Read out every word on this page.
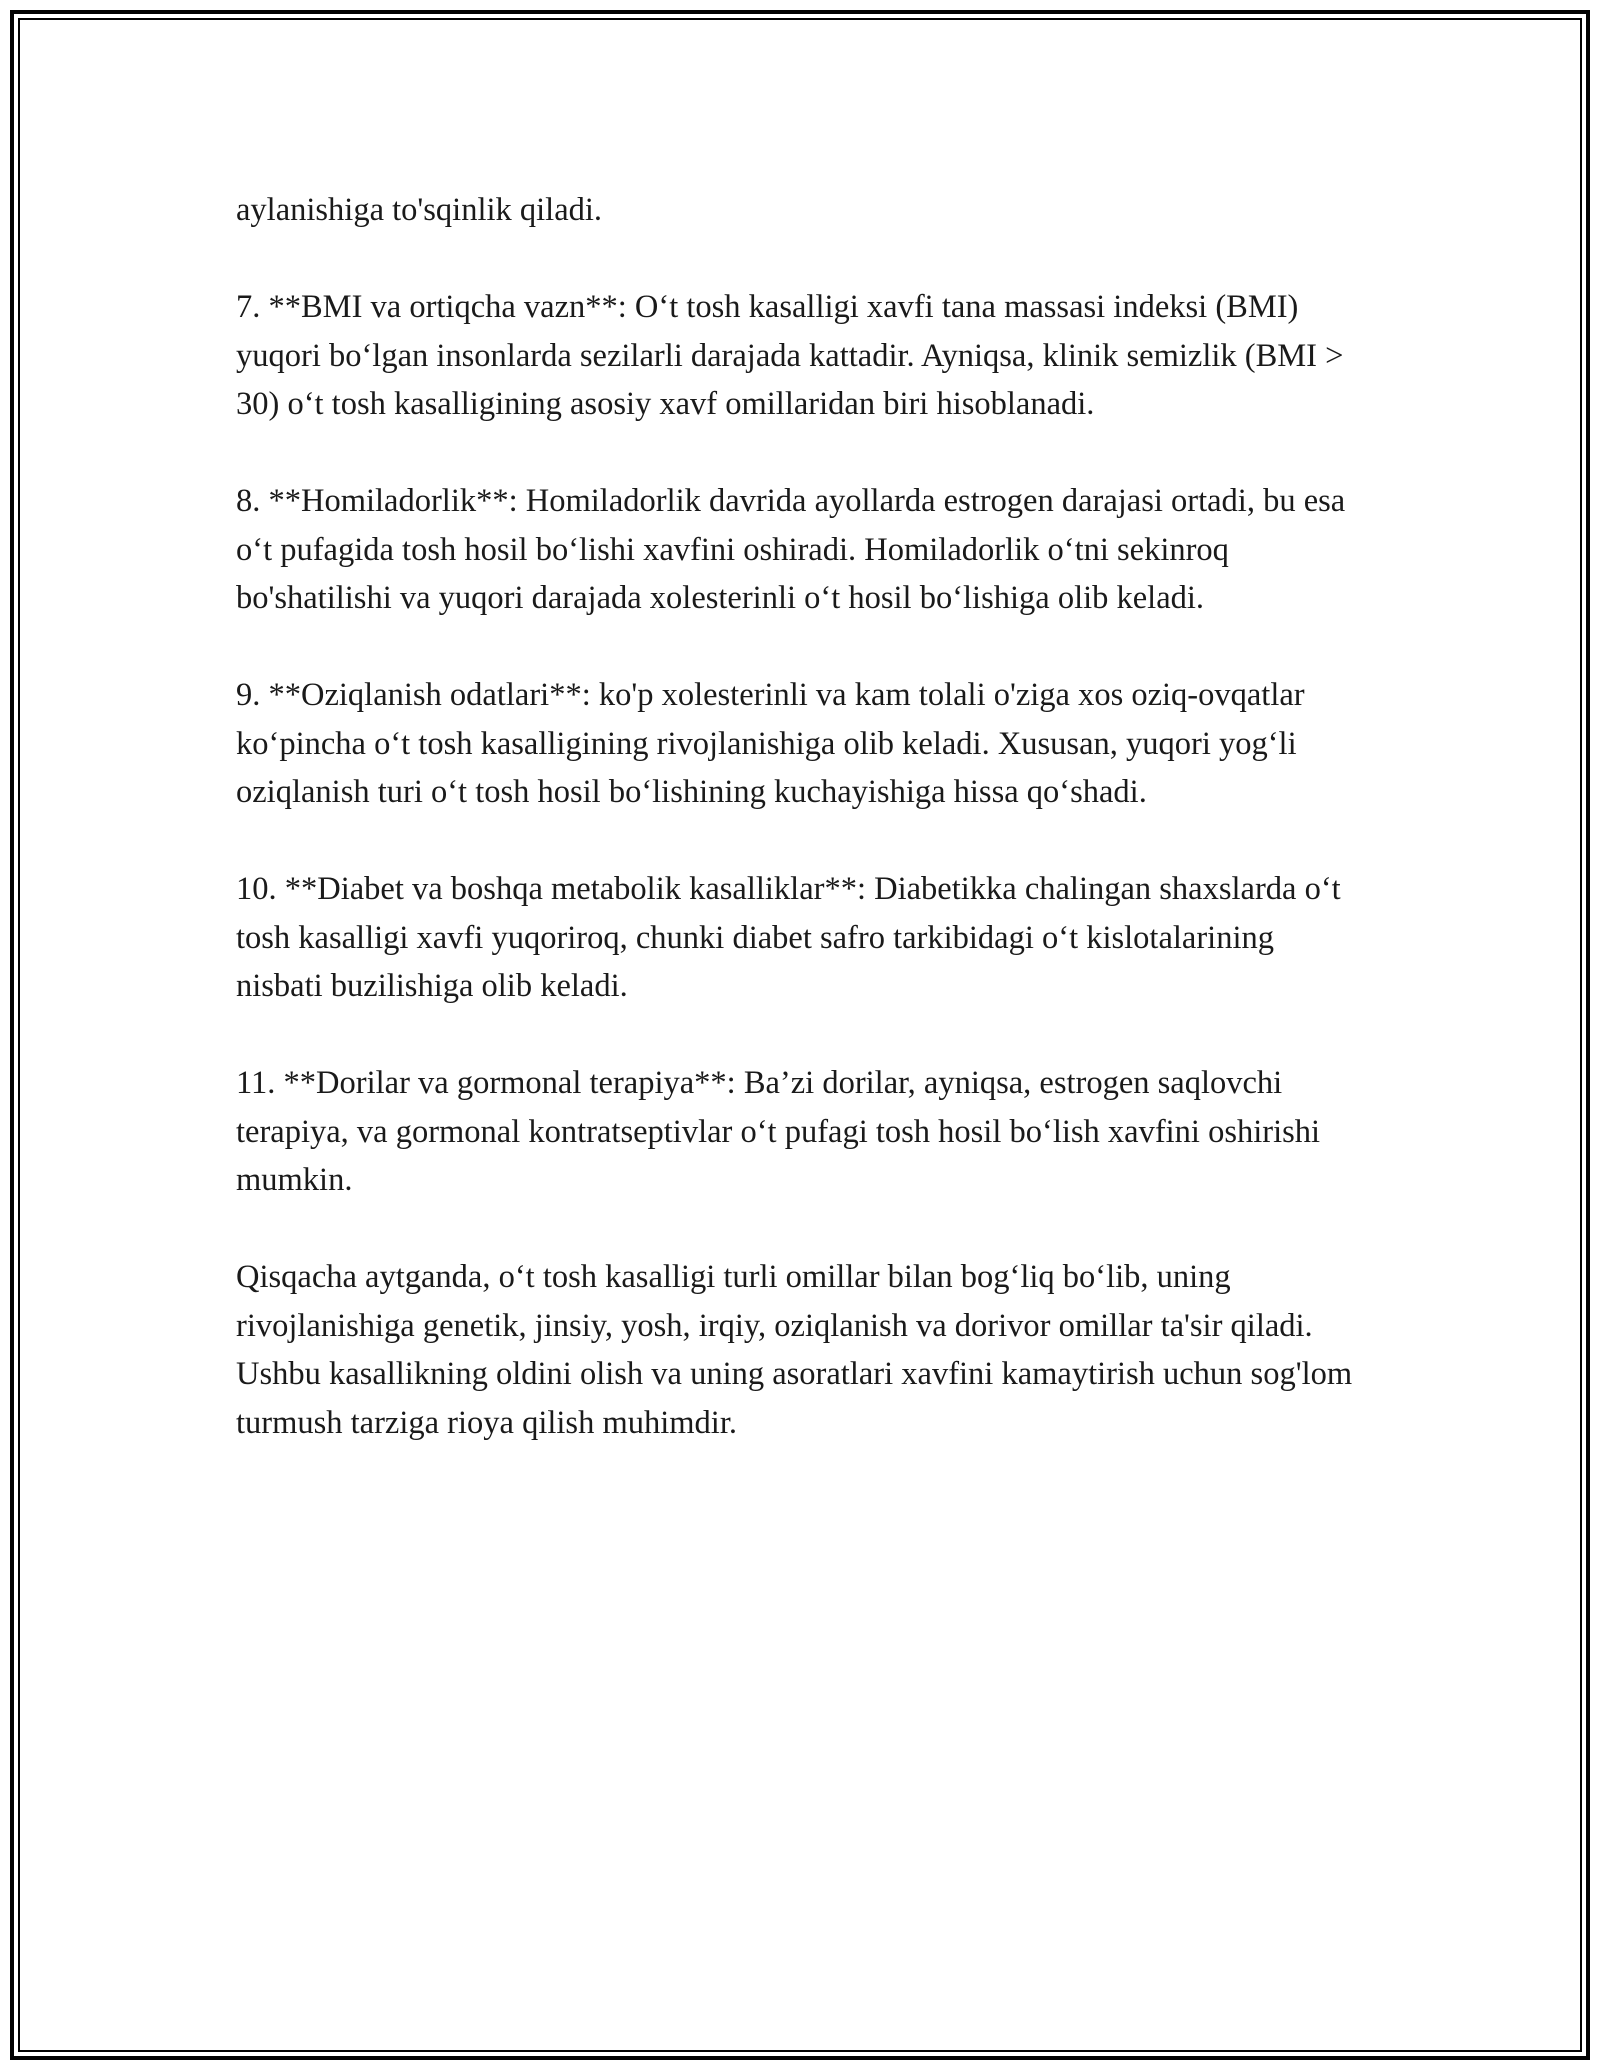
aylanishiga to'sqinlik qiladi.

7. **BMI va ortiqcha vazn**: O‘t tosh kasalligi xavfi tana massasi indeksi (BMI) yuqori bo‘lgan insonlarda sezilarli darajada kattadir. Ayniqsa, klinik semizlik (BMI > 30) o‘t tosh kasalligining asosiy xavf omillaridan biri hisoblanadi.

8. **Homiladorlik**: Homiladorlik davrida ayollarda estrogen darajasi ortadi, bu esa o‘t pufagida tosh hosil bo‘lishi xavfini oshiradi. Homiladorlik o‘tni sekinroq bo'shatilishi va yuqori darajada xolesterinli o‘t hosil bo‘lishiga olib keladi.

9. **Oziqlanish odatlari**: ko'p xolesterinli va kam tolali o'ziga xos oziq-ovqatlar ko‘pincha o‘t tosh kasalligining rivojlanishiga olib keladi. Xususan, yuqori yog‘li oziqlanish turi o‘t tosh hosil bo‘lishining kuchayishiga hissa qo‘shadi.

10. **Diabet va boshqa metabolik kasalliklar**: Diabetikka chalingan shaxslarda o‘t tosh kasalligi xavfi yuqoriroq, chunki diabet safro tarkibidagi o‘t kislotalarining nisbati buzilishiga olib keladi.

11. **Dorilar va gormonal terapiya**: Ba’zi dorilar, ayniqsa, estrogen saqlovchi terapiya, va gormonal kontratseptivlar o‘t pufagi tosh hosil bo‘lish xavfini oshirishi mumkin.

Qisqacha aytganda, o‘t tosh kasalligi turli omillar bilan bog‘liq bo‘lib, uning rivojlanishiga genetik, jinsiy, yosh, irqiy, oziqlanish va dorivor omillar ta'sir qiladi. Ushbu kasallikning oldini olish va uning asoratlari xavfini kamaytirish uchun sog'lom turmush tarziga rioya qilish muhimdir.
